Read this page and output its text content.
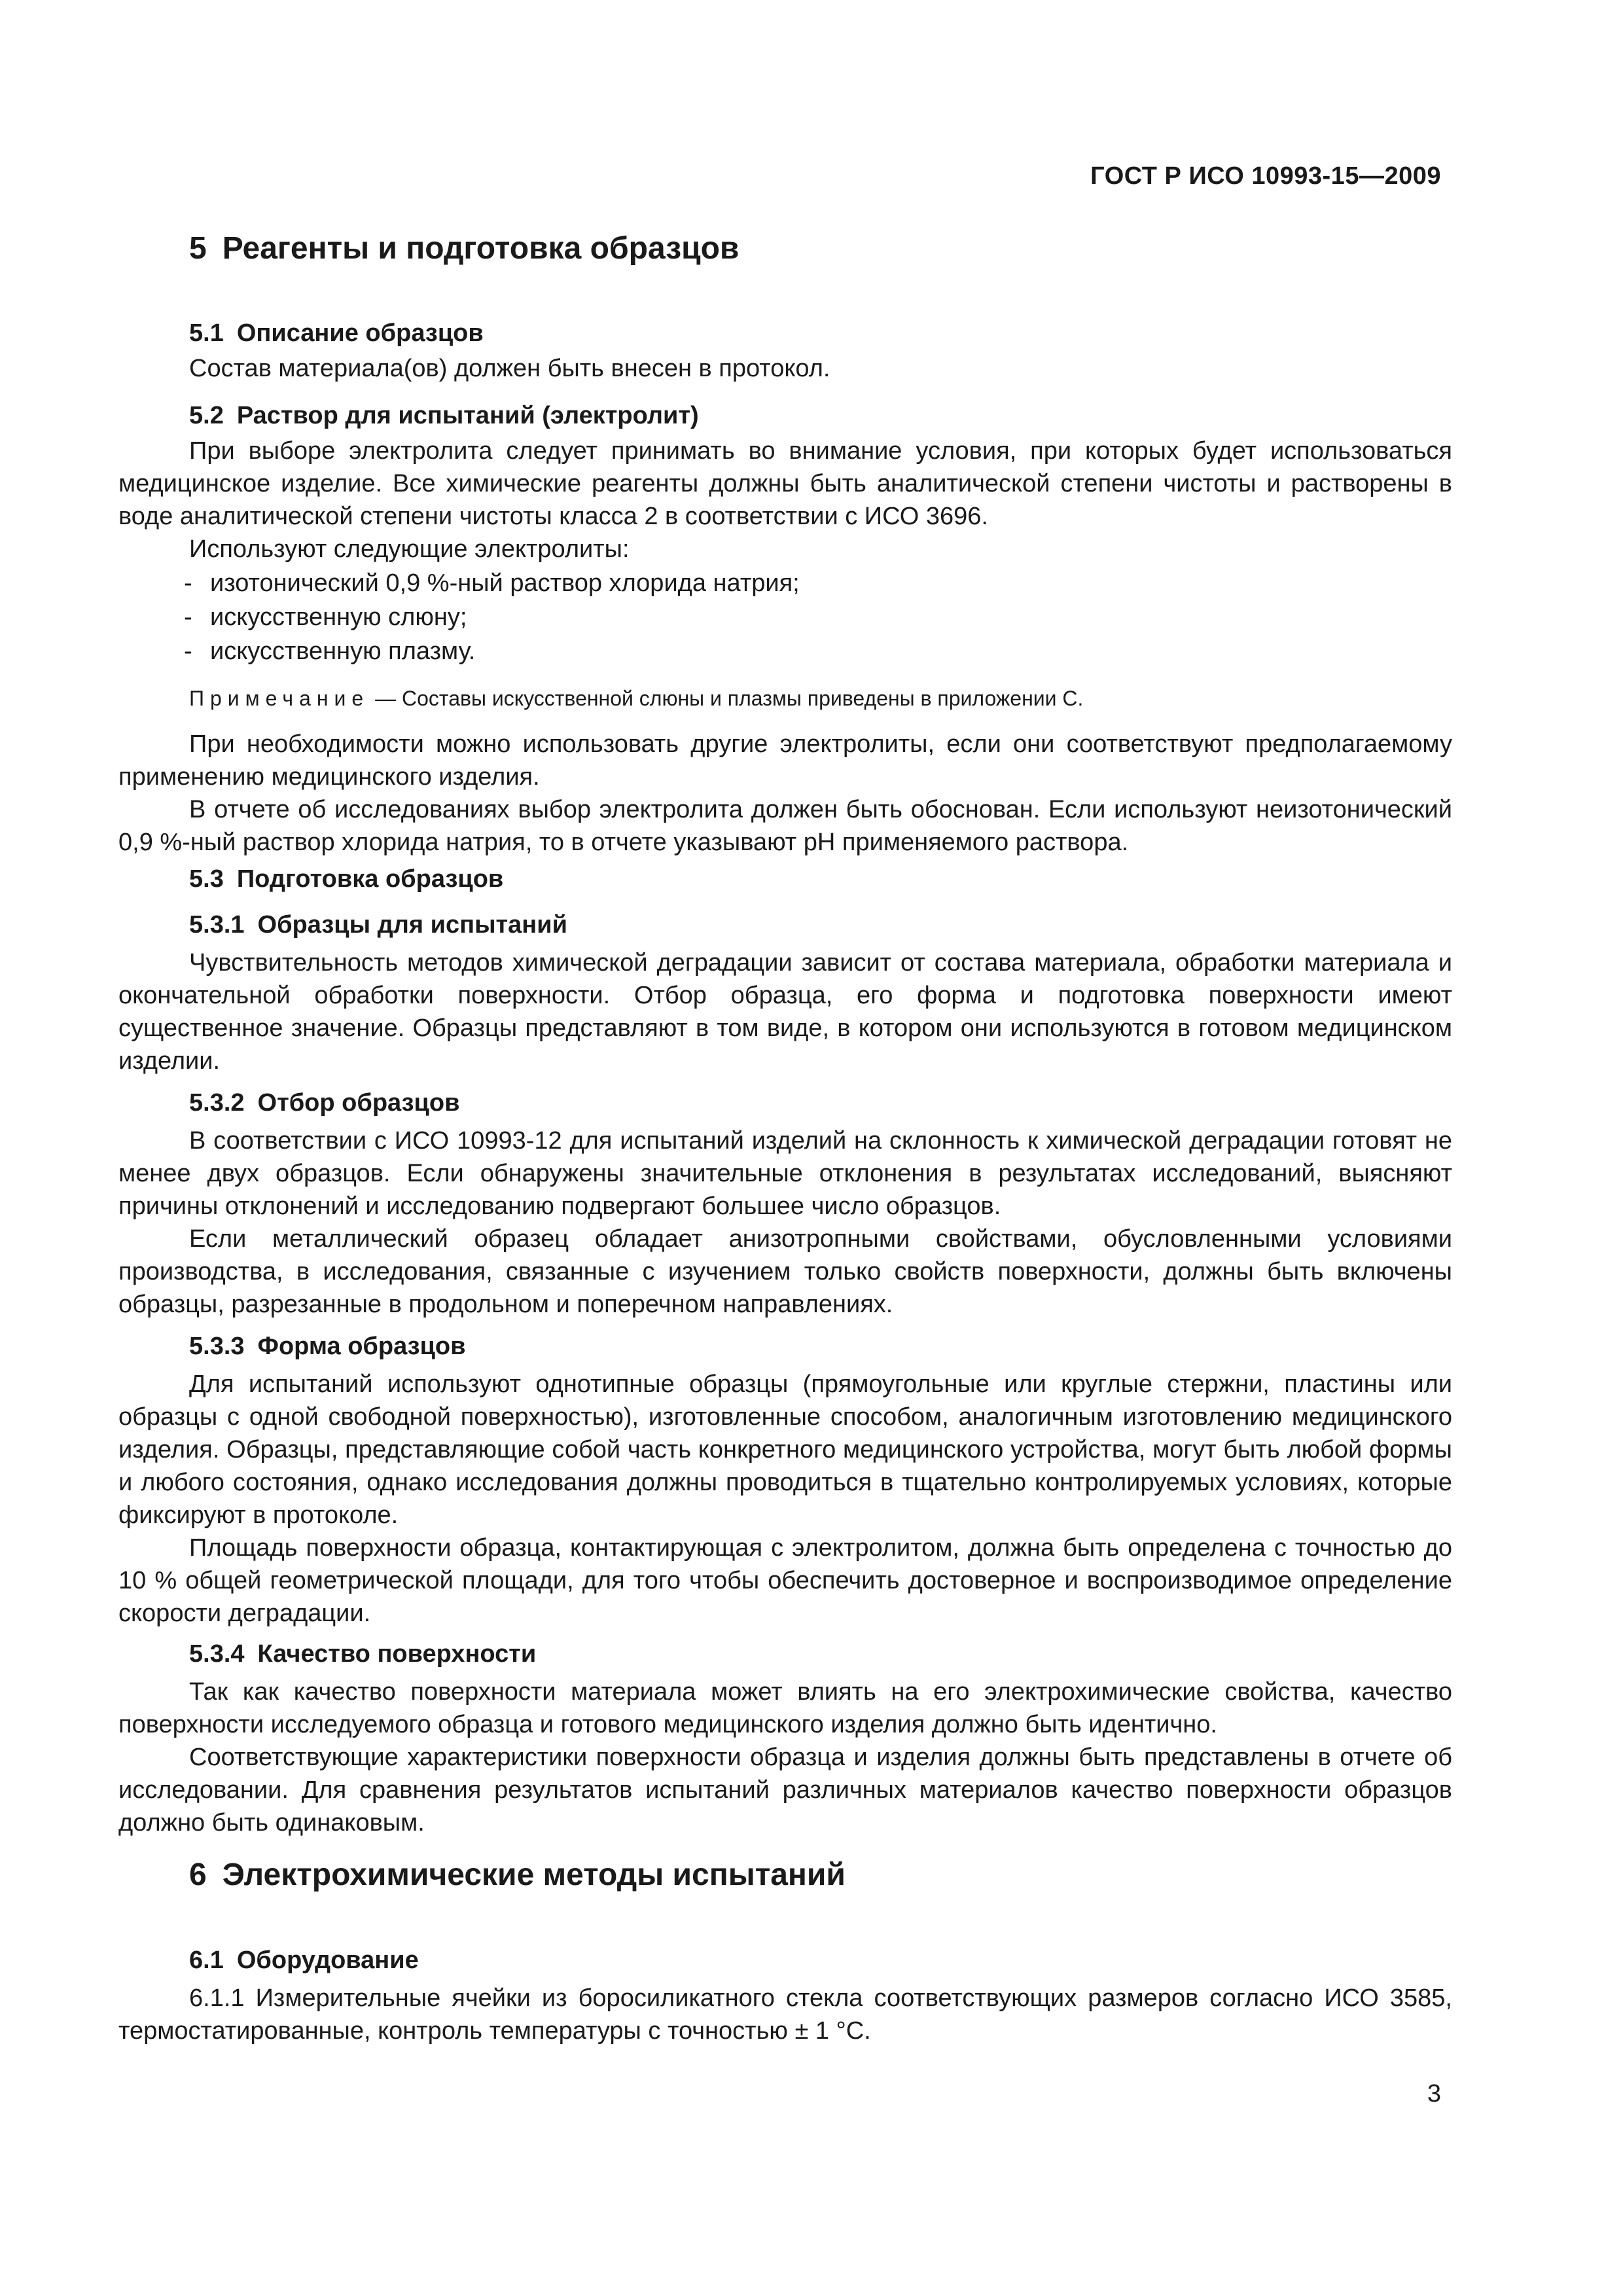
ГОСТ Р ИСО 10993-15—2009
5 Реагенты и подготовка образцов
5.1 Описание образцов
Состав материала(ов) должен быть внесен в протокол.
5.2 Раствор для испытаний (электролит)
При выборе электролита следует принимать во внимание условия, при которых будет использоваться медицинское изделие. Все химические реагенты должны быть аналитической степени чистоты и растворены в воде аналитической степени чистоты класса 2 в соответствии с ИСО 3696.
Используют следующие электролиты:
- изотонический 0,9 %-ный раствор хлорида натрия;
- искусственную слюну;
- искусственную плазму.
Примечание — Составы искусственной слюны и плазмы приведены в приложении С.
При необходимости можно использовать другие электролиты, если они соответствуют предполагаемому применению медицинского изделия.
В отчете об исследованиях выбор электролита должен быть обоснован. Если используют неизотонический 0,9 %-ный раствор хлорида натрия, то в отчете указывают рН применяемого раствора.
5.3 Подготовка образцов
5.3.1 Образцы для испытаний
Чувствительность методов химической деградации зависит от состава материала, обработки материала и окончательной обработки поверхности. Отбор образца, его форма и подготовка поверхности имеют существенное значение. Образцы представляют в том виде, в котором они используются в готовом медицинском изделии.
5.3.2 Отбор образцов
В соответствии с ИСО 10993-12 для испытаний изделий на склонность к химической деградации готовят не менее двух образцов. Если обнаружены значительные отклонения в результатах исследований, выясняют причины отклонений и исследованию подвергают большее число образцов.
Если металлический образец обладает анизотропными свойствами, обусловленными условиями производства, в исследования, связанные с изучением только свойств поверхности, должны быть включены образцы, разрезанные в продольном и поперечном направлениях.
5.3.3 Форма образцов
Для испытаний используют однотипные образцы (прямоугольные или круглые стержни, пластины или образцы с одной свободной поверхностью), изготовленные способом, аналогичным изготовлению медицинского изделия. Образцы, представляющие собой часть конкретного медицинского устройства, могут быть любой формы и любого состояния, однако исследования должны проводиться в тщательно контролируемых условиях, которые фиксируют в протоколе.
Площадь поверхности образца, контактирующая с электролитом, должна быть определена с точностью до 10 % общей геометрической площади, для того чтобы обеспечить достоверное и воспроизводимое определение скорости деградации.
5.3.4 Качество поверхности
Так как качество поверхности материала может влиять на его электрохимические свойства, качество поверхности исследуемого образца и готового медицинского изделия должно быть идентично.
Соответствующие характеристики поверхности образца и изделия должны быть представлены в отчете об исследовании. Для сравнения результатов испытаний различных материалов качество поверхности образцов должно быть одинаковым.
6 Электрохимические методы испытаний
6.1 Оборудование
6.1.1 Измерительные ячейки из боросиликатного стекла соответствующих размеров согласно ИСО 3585, термостатированные, контроль температуры с точностью ± 1 °С.
3
